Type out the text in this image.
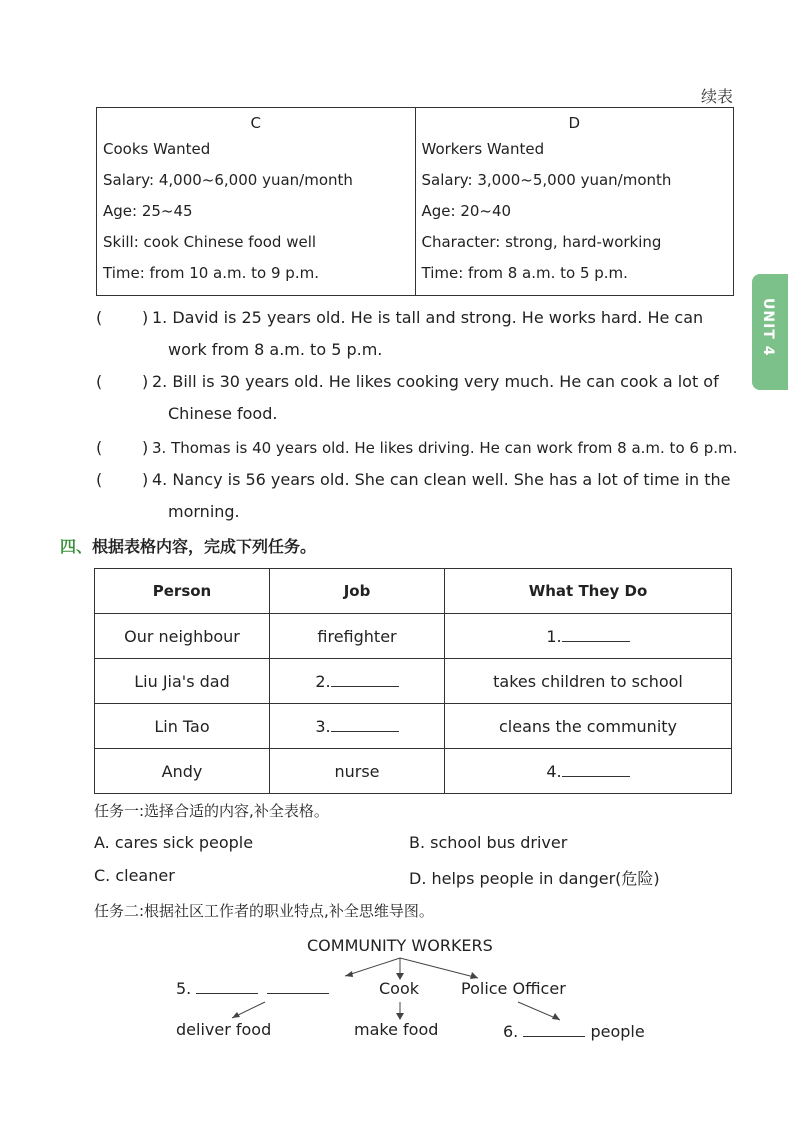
续表
C
Cooks Wanted
Salary: 4,000~6,000 yuan/month
Age: 25~45
Skill: cook Chinese food well
Time: from 10 a.m. to 9 p.m.

D
Workers Wanted
Salary: 3,000~5,000 yuan/month
Age: 20~40
Character: strong, hard-working
Time: from 8 a.m. to 5 p.m.
( ) 1. David is 25 years old. He is tall and strong. He works hard. He can
work from 8 a.m. to 5 p.m.
( ) 2. Bill is 30 years old. He likes cooking very much. He can cook a lot of
Chinese food.
( ) 3. Thomas is 40 years old. He likes driving. He can work from 8 a.m. to 6 p.m.
( ) 4. Nancy is 56 years old. She can clean well. She has a lot of time in the
morning.
四、根据表格内容，完成下列任务。
Person	Job	What They Do
Our neighbour	firefighter	1.
Liu Jia's dad	2.	takes children to school
Lin Tao	3.	cleans the community
Andy	nurse	4.
任务一:选择合适的内容,补全表格。
A. cares sick people	B. school bus driver
C. cleaner	D. helps people in danger(危险)
任务二:根据社区工作者的职业特点,补全思维导图。
COMMUNITY WORKERS
5.	Cook	Police Officer
deliver food	make food	6.	people
UNIT 4
